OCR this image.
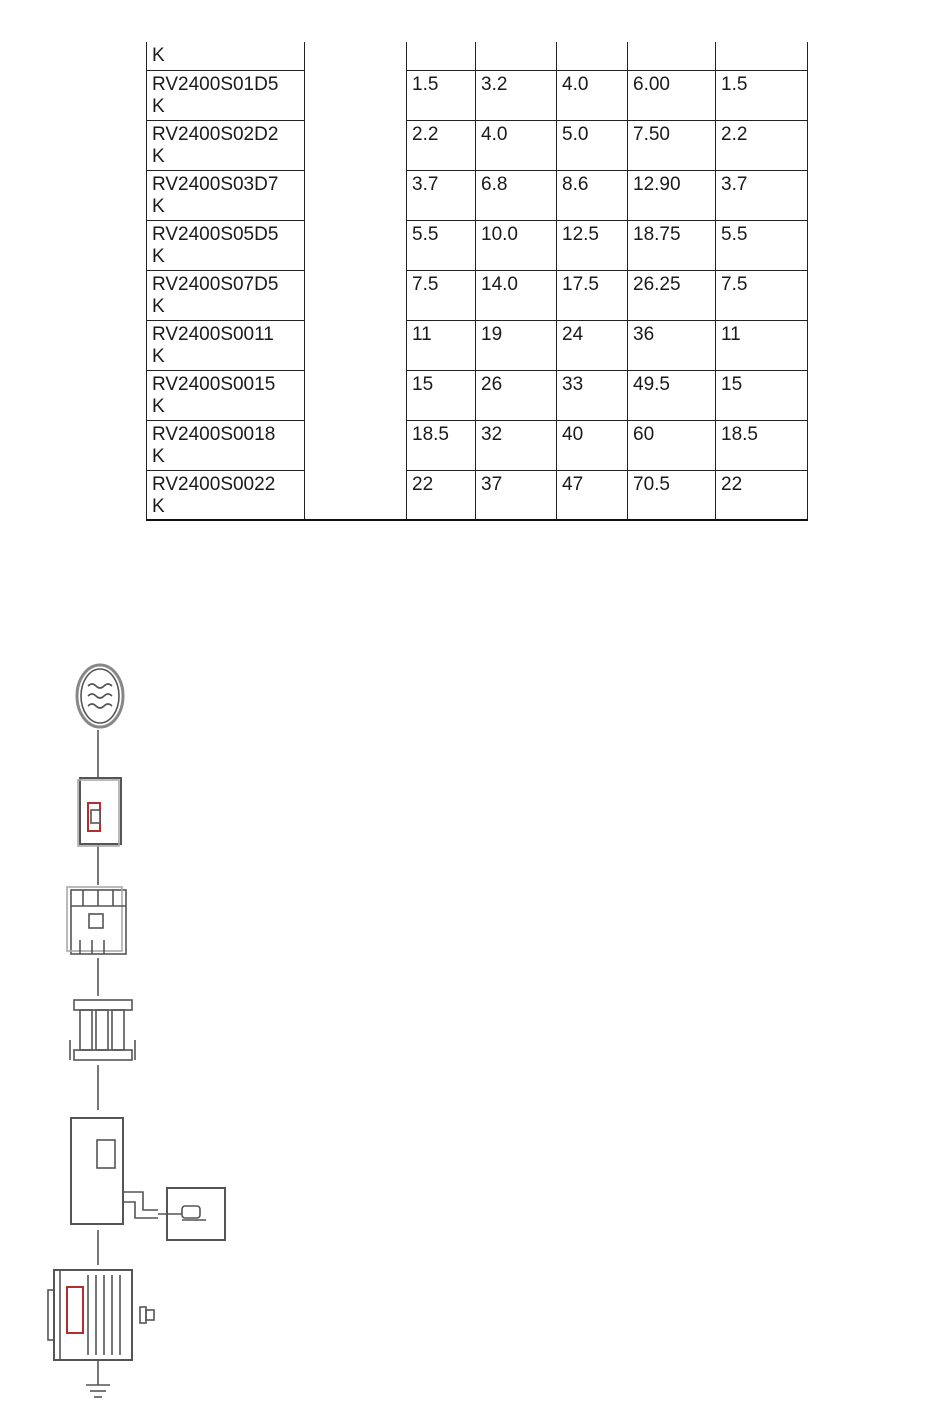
K						
RV2400S01D5
K		1.5	3.2	4.0	6.00	1.5
RV2400S02D2
K		2.2	4.0	5.0	7.50	2.2
RV2400S03D7
K		3.7	6.8	8.6	12.90	3.7
RV2400S05D5
K		5.5	10.0	12.5	18.75	5.5
RV2400S07D5
K		7.5	14.0	17.5	26.25	7.5
RV2400S0011
K		11	19	24	36	11
RV2400S0015
K		15	26	33	49.5	15
RV2400S0018
K		18.5	32	40	60	18.5
RV2400S0022
K		22	37	47	70.5	22
